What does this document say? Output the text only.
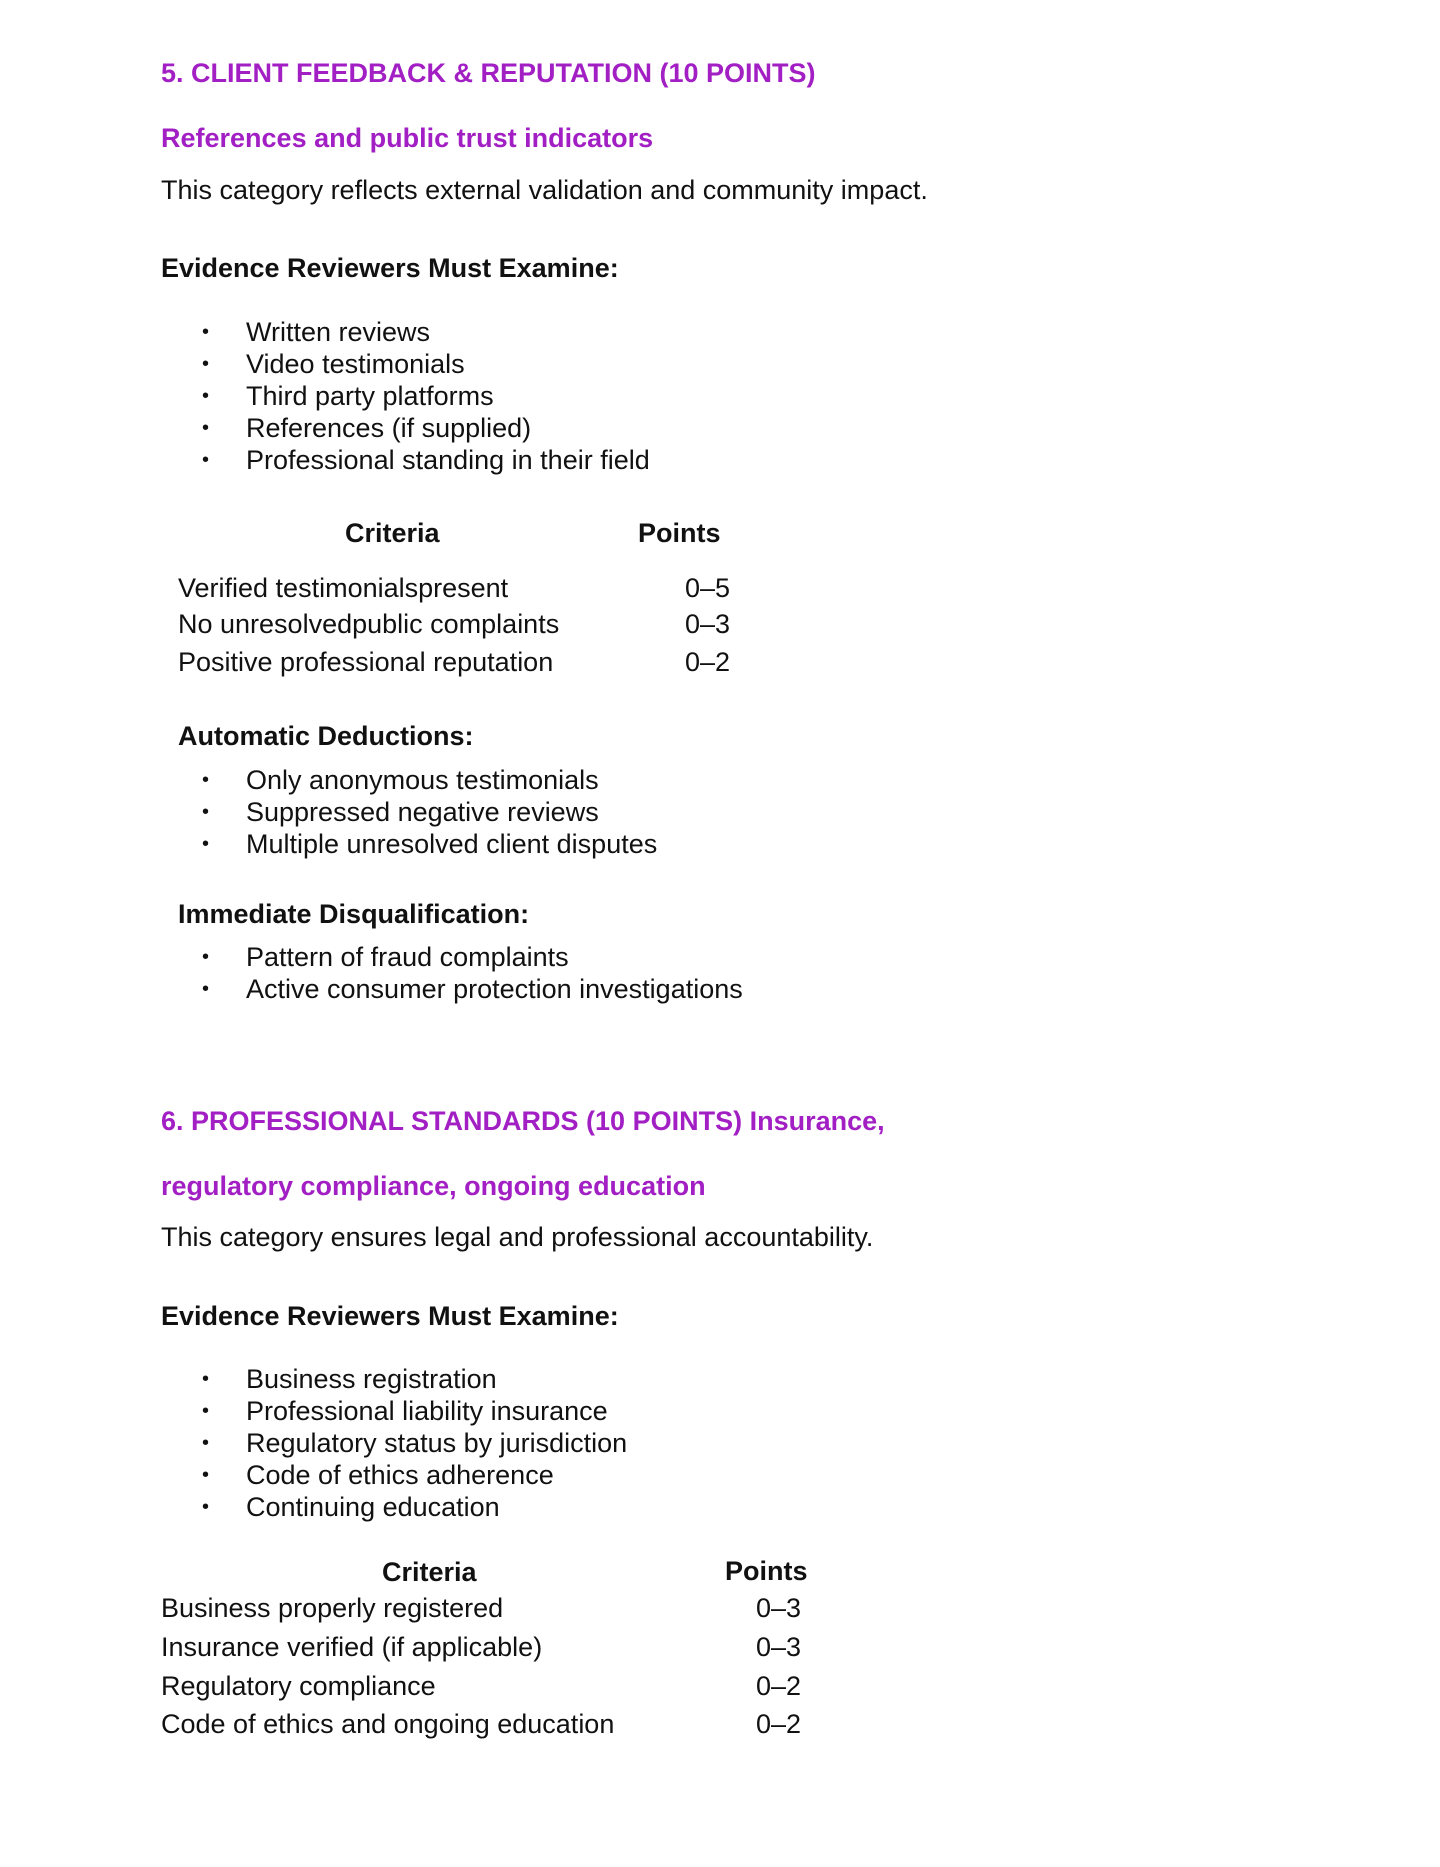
5. CLIENT FEEDBACK & REPUTATION (10 POINTS)
References and public trust indicators
This category reflects external validation and community impact.
Evidence Reviewers Must Examine:
• Written reviews
• Video testimonials
• Third party platforms
• References (if supplied)
• Professional standing in their field
Criteria	Points
Verified testimonialspresent	0–5
No unresolvedpublic complaints	0–3
Positive professional reputation	0–2
Automatic Deductions:
• Only anonymous testimonials
• Suppressed negative reviews
• Multiple unresolved client disputes
Immediate Disqualification:
• Pattern of fraud complaints
• Active consumer protection investigations
6. PROFESSIONAL STANDARDS (10 POINTS) Insurance,
regulatory compliance, ongoing education
This category ensures legal and professional accountability.
Evidence Reviewers Must Examine:
• Business registration
• Professional liability insurance
• Regulatory status by jurisdiction
• Code of ethics adherence
• Continuing education
Criteria	Points
Business properly registered	0–3
Insurance verified (if applicable)	0–3
Regulatory compliance	0–2
Code of ethics and ongoing education	0–2
